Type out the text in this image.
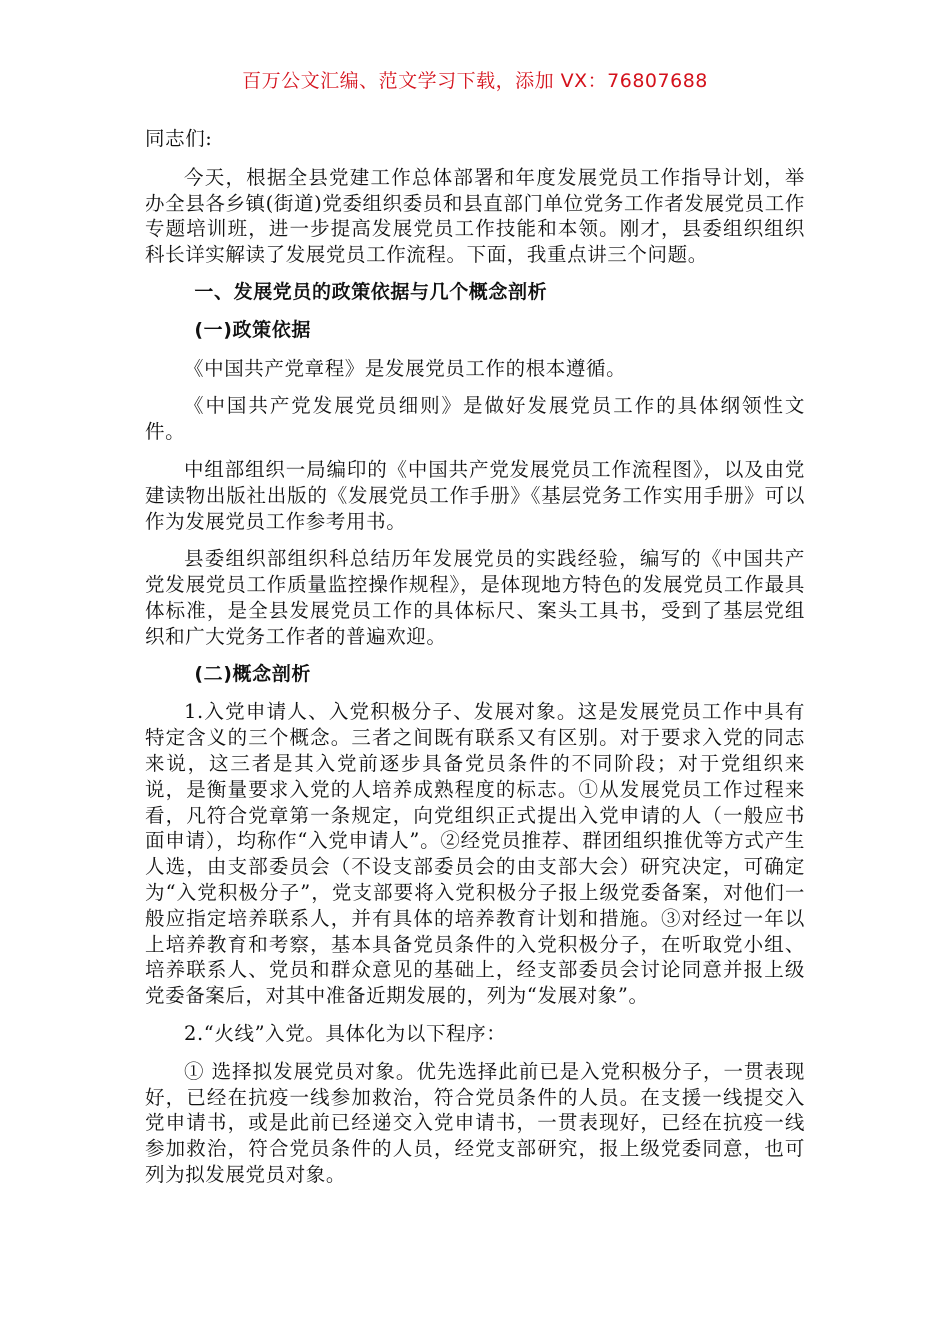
百万公文汇编、范文学习下载，添加 VX：76807688

同志们:

今天，根据全县党建工作总体部署和年度发展党员工作指导计划，举办全县各乡镇(街道)党委组织委员和县直部门单位党务工作者发展党员工作专题培训班，进一步提高发展党员工作技能和本领。刚才，县委组织组织科长详实解读了发展党员工作流程。下面，我重点讲三个问题。

一、发展党员的政策依据与几个概念剖析

(一)政策依据

《中国共产党章程》是发展党员工作的根本遵循。

《中国共产党发展党员细则》是做好发展党员工作的具体纲领性文件。

中组部组织一局编印的《中国共产党发展党员工作流程图》，以及由党建读物出版社出版的《发展党员工作手册》《基层党务工作实用手册》可以作为发展党员工作参考用书。

县委组织部组织科总结历年发展党员的实践经验，编写的《中国共产党发展党员工作质量监控操作规程》，是体现地方特色的发展党员工作最具体标准，是全县发展党员工作的具体标尺、案头工具书，受到了基层党组织和广大党务工作者的普遍欢迎。

(二)概念剖析

1.入党申请人、入党积极分子、发展对象。这是发展党员工作中具有特定含义的三个概念。三者之间既有联系又有区别。对于要求入党的同志来说，这三者是其入党前逐步具备党员条件的不同阶段；对于党组织来说，是衡量要求入党的人培养成熟程度的标志。①从发展党员工作过程来看，凡符合党章第一条规定，向党组织正式提出入党申请的人（一般应书面申请），均称作“入党申请人”。②经党员推荐、群团组织推优等方式产生人选，由支部委员会（不设支部委员会的由支部大会）研究决定，可确定为“入党积极分子”，党支部要将入党积极分子报上级党委备案，对他们一般应指定培养联系人，并有具体的培养教育计划和措施。③对经过一年以上培养教育和考察，基本具备党员条件的入党积极分子，在听取党小组、培养联系人、党员和群众意见的基础上，经支部委员会讨论同意并报上级党委备案后，对其中准备近期发展的，列为“发展对象”。

2.“火线”入党。具体化为以下程序：

① 选择拟发展党员对象。优先选择此前已是入党积极分子，一贯表现好，已经在抗疫一线参加救治，符合党员条件的人员。在支援一线提交入党申请书，或是此前已经递交入党申请书，一贯表现好，已经在抗疫一线参加救治，符合党员条件的人员，经党支部研究，报上级党委同意，也可列为拟发展党员对象。
